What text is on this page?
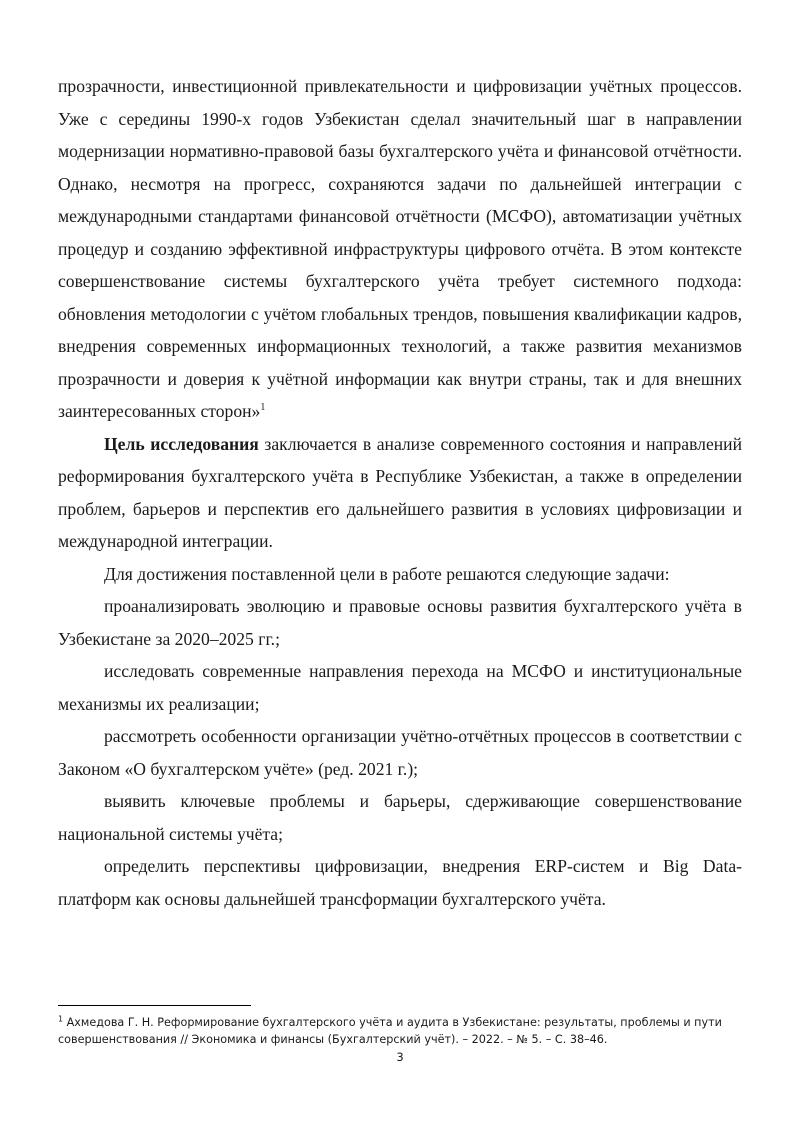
прозрачности, инвестиционной привлекательности и цифровизации учётных процессов. Уже с середины 1990-х годов Узбекистан сделал значительный шаг в направлении модернизации нормативно-правовой базы бухгалтерского учёта и финансовой отчётности. Однако, несмотря на прогресс, сохраняются задачи по дальнейшей интеграции с международными стандартами финансовой отчётности (МСФО), автоматизации учётных процедур и созданию эффективной инфраструктуры цифрового отчёта. В этом контексте совершенствование системы бухгалтерского учёта требует системного подхода: обновления методологии с учётом глобальных трендов, повышения квалификации кадров, внедрения современных информационных технологий, а также развития механизмов прозрачности и доверия к учётной информации как внутри страны, так и для внешних заинтересованных сторон»$^1$

Цель исследования заключается в анализе современного состояния и направлений реформирования бухгалтерского учёта в Республике Узбекистан, а также в определении проблем, барьеров и перспектив его дальнейшего развития в условиях цифровизации и международной интеграции.

Для достижения поставленной цели в работе решаются следующие задачи:

проанализировать эволюцию и правовые основы развития бухгалтерского учёта в Узбекистане за 2020–2025 гг.;

исследовать современные направления перехода на МСФО и институциональные механизмы их реализации;

рассмотреть особенности организации учётно-отчётных процессов в соответствии с Законом «О бухгалтерском учёте» (ред. 2021 г.);

выявить ключевые проблемы и барьеры, сдерживающие совершенствование национальной системы учёта;

определить перспективы цифровизации, внедрения ERP-систем и Big Data-платформ как основы дальнейшей трансформации бухгалтерского учёта.

$^1$ Ахмедова Г. Н. Реформирование бухгалтерского учёта и аудита в Узбекистане: результаты, проблемы и пути совершенствования // Экономика и финансы (Бухгалтерский учёт). – 2022. – № 5. – С. 38–46.
3
